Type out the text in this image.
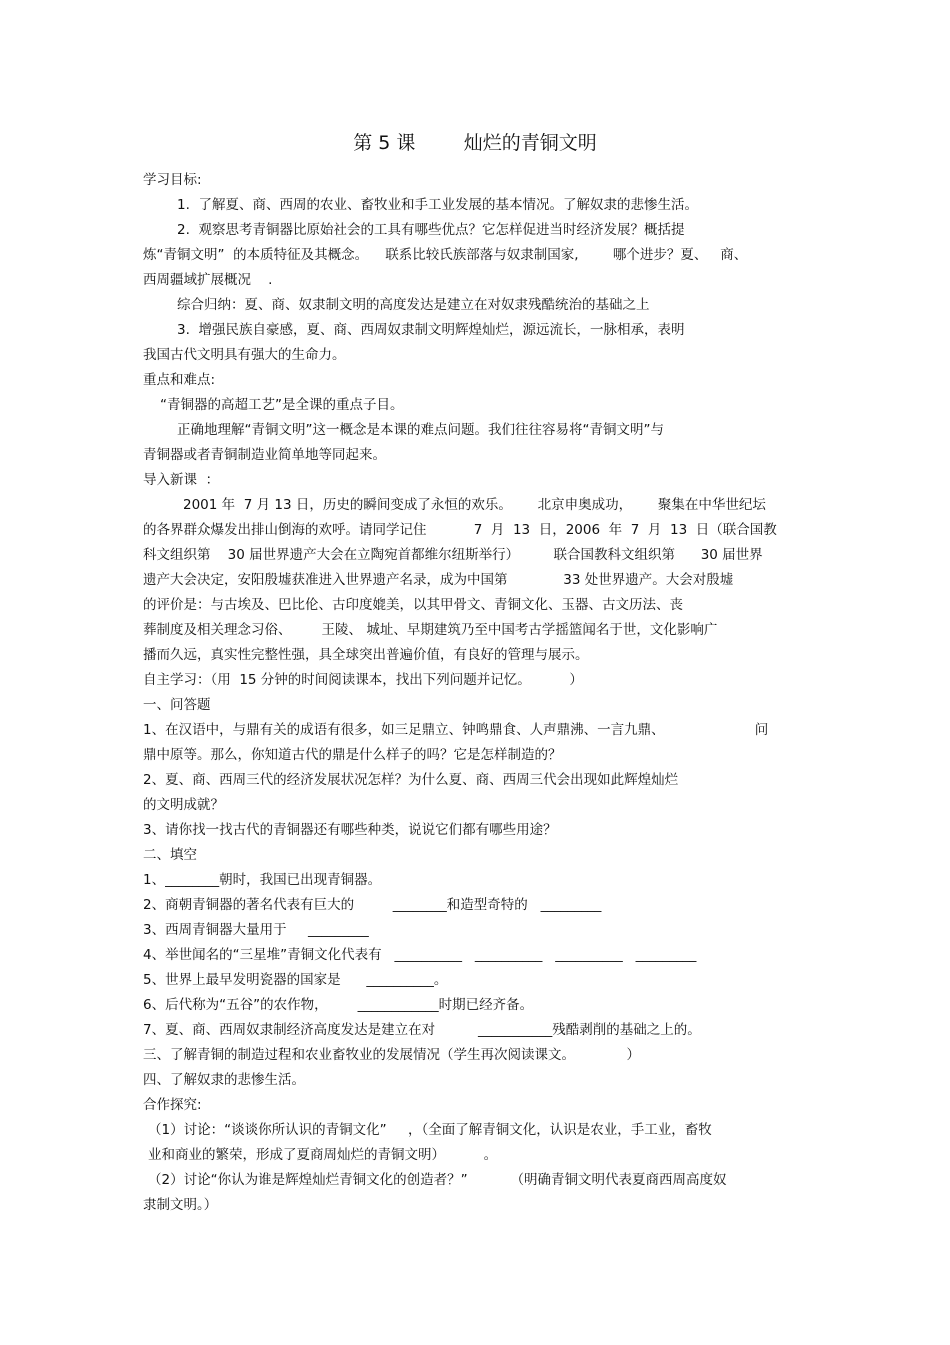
第 5 课        灿烂的青铜文明
学习目标:
1.  了解夏、商、西周的农业、畜牧业和手工业发展的基本情况。了解奴隶的悲惨生活。
2.  观察思考青铜器比原始社会的工具有哪些优点？它怎样促进当时经济发展？概括提
炼“青铜文明”  的本质特征及其概念。    联系比较氏族部落与奴隶制国家,        哪个进步？夏、   商、
西周疆域扩展概况    .
综合归纳：夏、商、奴隶制文明的高度发达是建立在对奴隶残酷统治的基础之上
3.  增强民族自豪感，夏、商、西周奴隶制文明辉煌灿烂，源远流长，一脉相承，表明
我国古代文明具有强大的生命力。
重点和难点:
“青铜器的高超工艺”是全课的重点子目。
正确地理解“青铜文明”这一概念是本课的难点问题。我们往往容易将“青铜文明”与
青铜器或者青铜制造业简单地等同起来。
导入新课  ：
2001 年  7 月 13 日，历史的瞬间变成了永恒的欢乐。      北京申奥成功，      聚集在中华世纪坛
的各界群众爆发出排山倒海的欢呼。请同学记住           7  月  13  日，2006  年  7  月  13  日（联合国教
科文组织第    30 届世界遗产大会在立陶宛首都维尔纽斯举行）        联合国教科文组织第      30 届世界
遗产大会决定，安阳殷墟获准进入世界遗产名录，成为中国第             33 处世界遗产。大会对殷墟
的评价是：与古埃及、巴比伦、古印度媲美，以其甲骨文、青铜文化、玉器、古文历法、丧
葬制度及相关理念习俗、       王陵、 城址、早期建筑乃至中国考古学摇篮闻名于世，文化影响广
播而久远，真实性完整性强，具全球突出普遍价值，有良好的管理与展示。
自主学习：（用  15 分钟的时间阅读课本，找出下列问题并记忆。         ）
一、问答题
1、在汉语中，与鼎有关的成语有很多，如三足鼎立、钟鸣鼎食、人声鼎沸、一言九鼎、                     问
鼎中原等。那么，你知道古代的鼎是什么样子的吗？它是怎样制造的？
2、夏、商、西周三代的经济发展状况怎样？为什么夏、商、西周三代会出现如此辉煌灿烂
的文明成就？
3、请你找一找古代的青铜器还有哪些种类，说说它们都有哪些用途？
二、填空
1、________朝时，我国已出现青铜器。
2、商朝青铜器的著名代表有巨大的         ________和造型奇特的   _________
3、西周青铜器大量用于     _________
4、举世闻名的“三星堆”青铜文化代表有   __________   __________   __________   _________
5、世界上最早发明瓷器的国家是      __________。
6、后代称为“五谷”的农作物，       ____________时期已经齐备。
7、夏、商、西周奴隶制经济高度发达是建立在对          ___________残酷剥削的基础之上的。
三、了解青铜的制造过程和农业畜牧业的发展情况（学生再次阅读课文。            ）
四、了解奴隶的悲惨生活。
合作探究:
（1）讨论：“谈谈你所认识的青铜文化”     ，（全面了解青铜文化，认识是农业，手工业，畜牧
业和商业的繁荣，形成了夏商周灿烂的青铜文明）         。
（2）讨论“你认为谁是辉煌灿烂青铜文化的创造者？”          （明确青铜文明代表夏商西周高度奴
隶制文明。）
